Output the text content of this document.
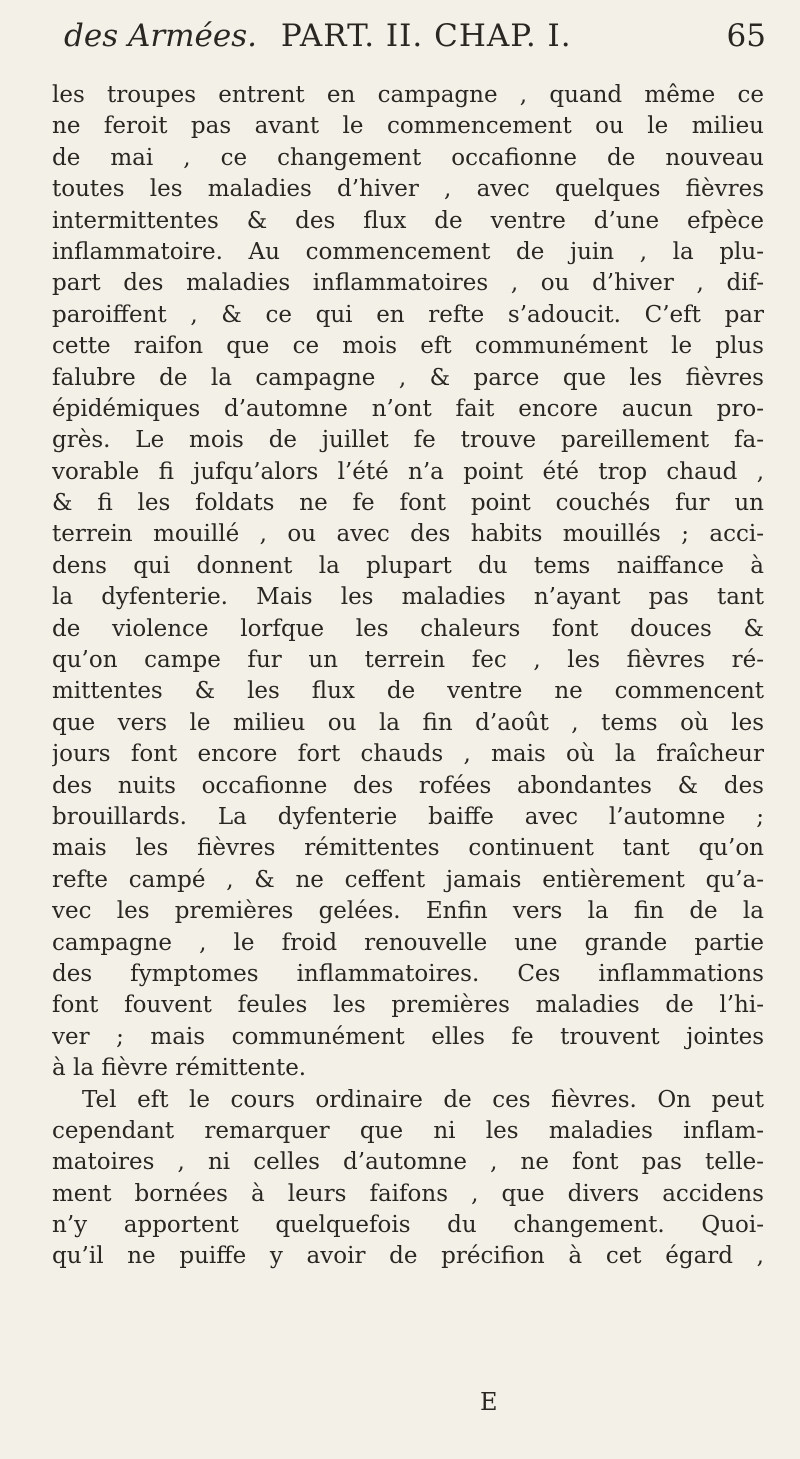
des Armées. PART. II. CHAP. I.	65
les troupes entrent en campagne , quand même ce
ne feroit pas avant le commencement ou le milieu
de mai , ce changement occafionne de nouveau
toutes les maladies d’hiver , avec quelques fièvres
intermittentes & des flux de ventre d’une efpèce
inflammatoire. Au commencement de juin , la plu-
part des maladies inflammatoires , ou d’hiver , dif-
paroiffent , & ce qui en refte s’adoucit. C’eft par
cette raifon que ce mois eft communément le plus
falubre de la campagne , & parce que les fièvres
épidémiques d’automne n’ont fait encore aucun pro-
grès. Le mois de juillet fe trouve pareillement fa-
vorable fi jufqu’alors l’été n’a point été trop chaud ,
& fi les foldats ne fe font point couchés fur un
terrein mouillé , ou avec des habits mouillés ; acci-
dens qui donnent la plupart du tems naiffance à
la dyfenterie. Mais les maladies n’ayant pas tant
de violence lorfque les chaleurs font douces &
qu’on campe fur un terrein fec , les fièvres ré-
mittentes & les flux de ventre ne commencent
que vers le milieu ou la fin d’août , tems où les
jours font encore fort chauds , mais où la fraîcheur
des nuits occafionne des rofées abondantes & des
brouillards. La dyfenterie baiffe avec l’automne ;
mais les fièvres rémittentes continuent tant qu’on
refte campé , & ne ceffent jamais entièrement qu’a-
vec les premières gelées. Enfin vers la fin de la
campagne , le froid renouvelle une grande partie
des fymptomes inflammatoires. Ces inflammations
font fouvent feules les premières maladies de l’hi-
ver ; mais communément elles fe trouvent jointes
à la fièvre rémittente.
Tel eft le cours ordinaire de ces fièvres. On peut
cependant remarquer que ni les maladies inflam-
matoires , ni celles d’automne , ne font pas telle-
ment bornées à leurs faifons , que divers accidens
n’y apportent quelquefois du changement. Quoi-
qu’il ne puiffe y avoir de précifion à cet égard ,
E
